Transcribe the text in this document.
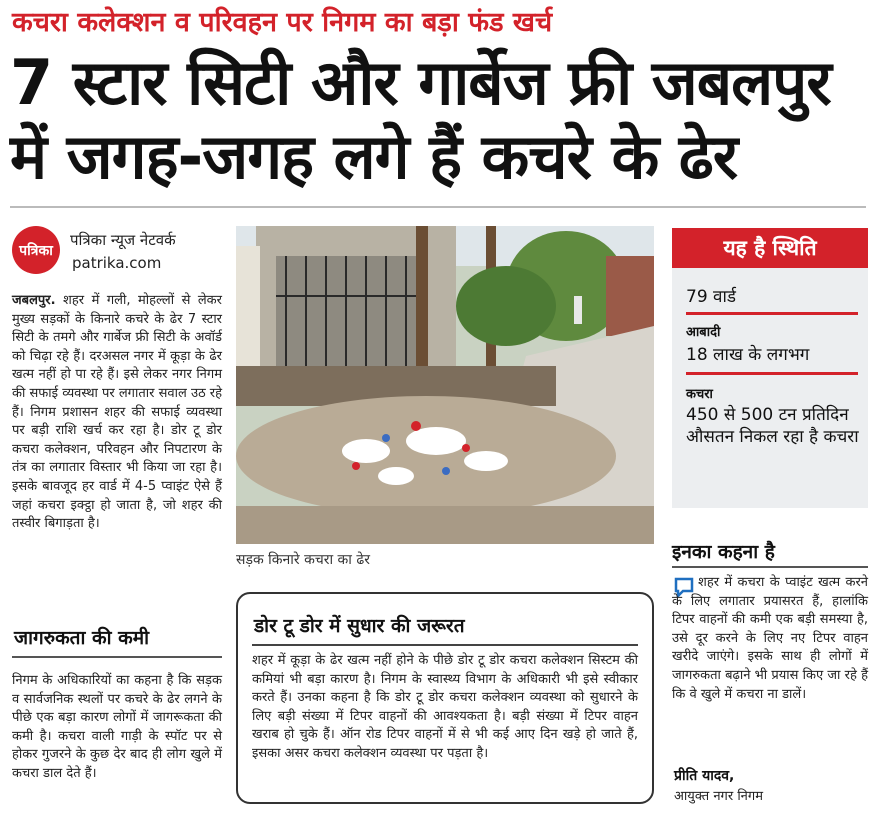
कचरा कलेक्शन व परिवहन पर निगम का बड़ा फंड खर्च
7 स्टार सिटी और गार्बेज फ्री जबलपुर
में जगह-जगह लगे हैं कचरे के ढेर
पत्रिका
पत्रिका न्यूज नेटवर्क
patrika.com
जबलपुर. शहर में गली, मोहल्लों से लेकर मुख्य सड़कों के किनारे कचरे के ढेर 7 स्टार सिटी के तमगे और गार्बेज फ्री सिटी के अवॉर्ड को चिढ़ा रहे हैं। दरअसल नगर में कूड़ा के ढेर खत्म नहीं हो पा रहे हैं। इसे लेकर नगर निगम की सफाई व्यवस्था पर लगातार सवाल उठ रहे हैं। निगम प्रशासन शहर की सफाई व्यवस्था पर बड़ी राशि खर्च कर रहा है। डोर टू डोर कचरा कलेक्शन, परिवहन और निपटारण के तंत्र का लगातार विस्तार भी किया जा रहा है। इसके बावजूद हर वार्ड में 4-5 प्वाइंट ऐसे हैं जहां कचरा इक्ट्ठा हो जाता है, जो शहर की तस्वीर बिगाड़ता है।
जागरुकता की कमी
निगम के अधिकारियों का कहना है कि सड़क व सार्वजनिक स्थलों पर कचरे के ढेर लगने के पीछे एक बड़ा कारण लोगों में जागरूकता की कमी है। कचरा वाली गाड़ी के स्पॉट पर से होकर गुजरने के कुछ देर बाद ही लोग खुले में कचरा डाल देते हैं।
सड़क किनारे कचरा का ढेर
डोर टू डोर में सुधार की जरूरत
शहर में कूड़ा के ढेर खत्म नहीं होने के पीछे डोर टू डोर कचरा कलेक्शन सिस्टम की कमियां भी बड़ा कारण है। निगम के स्वास्थ्य विभाग के अधिकारी भी इसे स्वीकार करते हैं। उनका कहना है कि डोर टू डोर कचरा कलेक्शन व्यवस्था को सुधारने के लिए बड़ी संख्या में टिपर वाहनों की आवश्यकता है। बड़ी संख्या में टिपर वाहन खराब हो चुके हैं। ऑन रोड टिपर वाहनों में से भी कई आए दिन खड़े हो जाते हैं, इसका असर कचरा कलेक्शन व्यवस्था पर पड़ता है।
यह है स्थिति
79 वार्ड
आबादी
18 लाख के लगभग
कचरा
450 से 500 टन प्रतिदिन औसतन निकल रहा है कचरा
इनका कहना है
शहर में कचरा के प्वाइंट खत्म करने के लिए लगातार प्रयासरत हैं, हालांकि टिपर वाहनों की कमी एक बड़ी समस्या है, उसे दूर करने के लिए नए टिपर वाहन खरीदे जाएंगे। इसके साथ ही लोगों में जागरुकता बढ़ाने भी प्रयास किए जा रहे हैं कि वे खुले में कचरा ना डालें।
प्रीति यादव,
आयुक्त नगर निगम
